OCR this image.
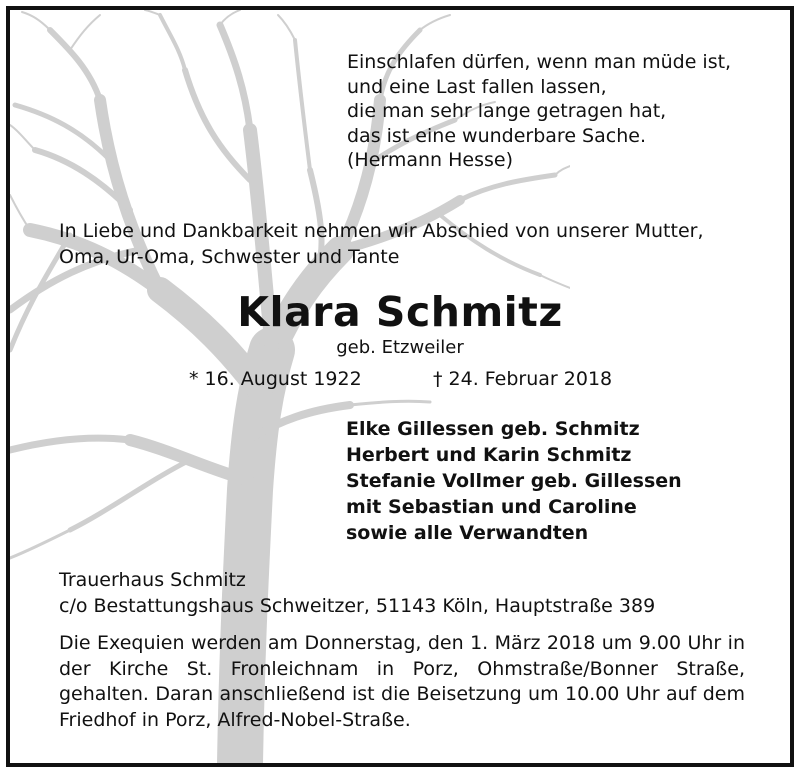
Einschlafen dürfen, wenn man müde ist,
und eine Last fallen lassen,
die man sehr lange getragen hat,
das ist eine wunderbare Sache.
(Hermann Hesse)
In Liebe und Dankbarkeit nehmen wir Abschied von unserer Mutter, Oma, Ur-Oma, Schwester und Tante
Klara Schmitz
geb. Etzweiler
* 16. August 1922	† 24. Februar 2018
Elke Gillessen geb. Schmitz
Herbert und Karin Schmitz
Stefanie Vollmer geb. Gillessen
mit Sebastian und Caroline
sowie alle Verwandten
Trauerhaus Schmitz
c/o Bestattungshaus Schweitzer, 51143 Köln, Hauptstraße 389
Die Exequien werden am Donnerstag, den 1. März 2018 um 9.00 Uhr in der Kirche St. Fronleichnam in Porz, Ohmstraße/Bonner Straße, gehalten. Daran anschließend ist die Beisetzung um 10.00 Uhr auf dem Friedhof in Porz, Alfred-Nobel-Straße.
